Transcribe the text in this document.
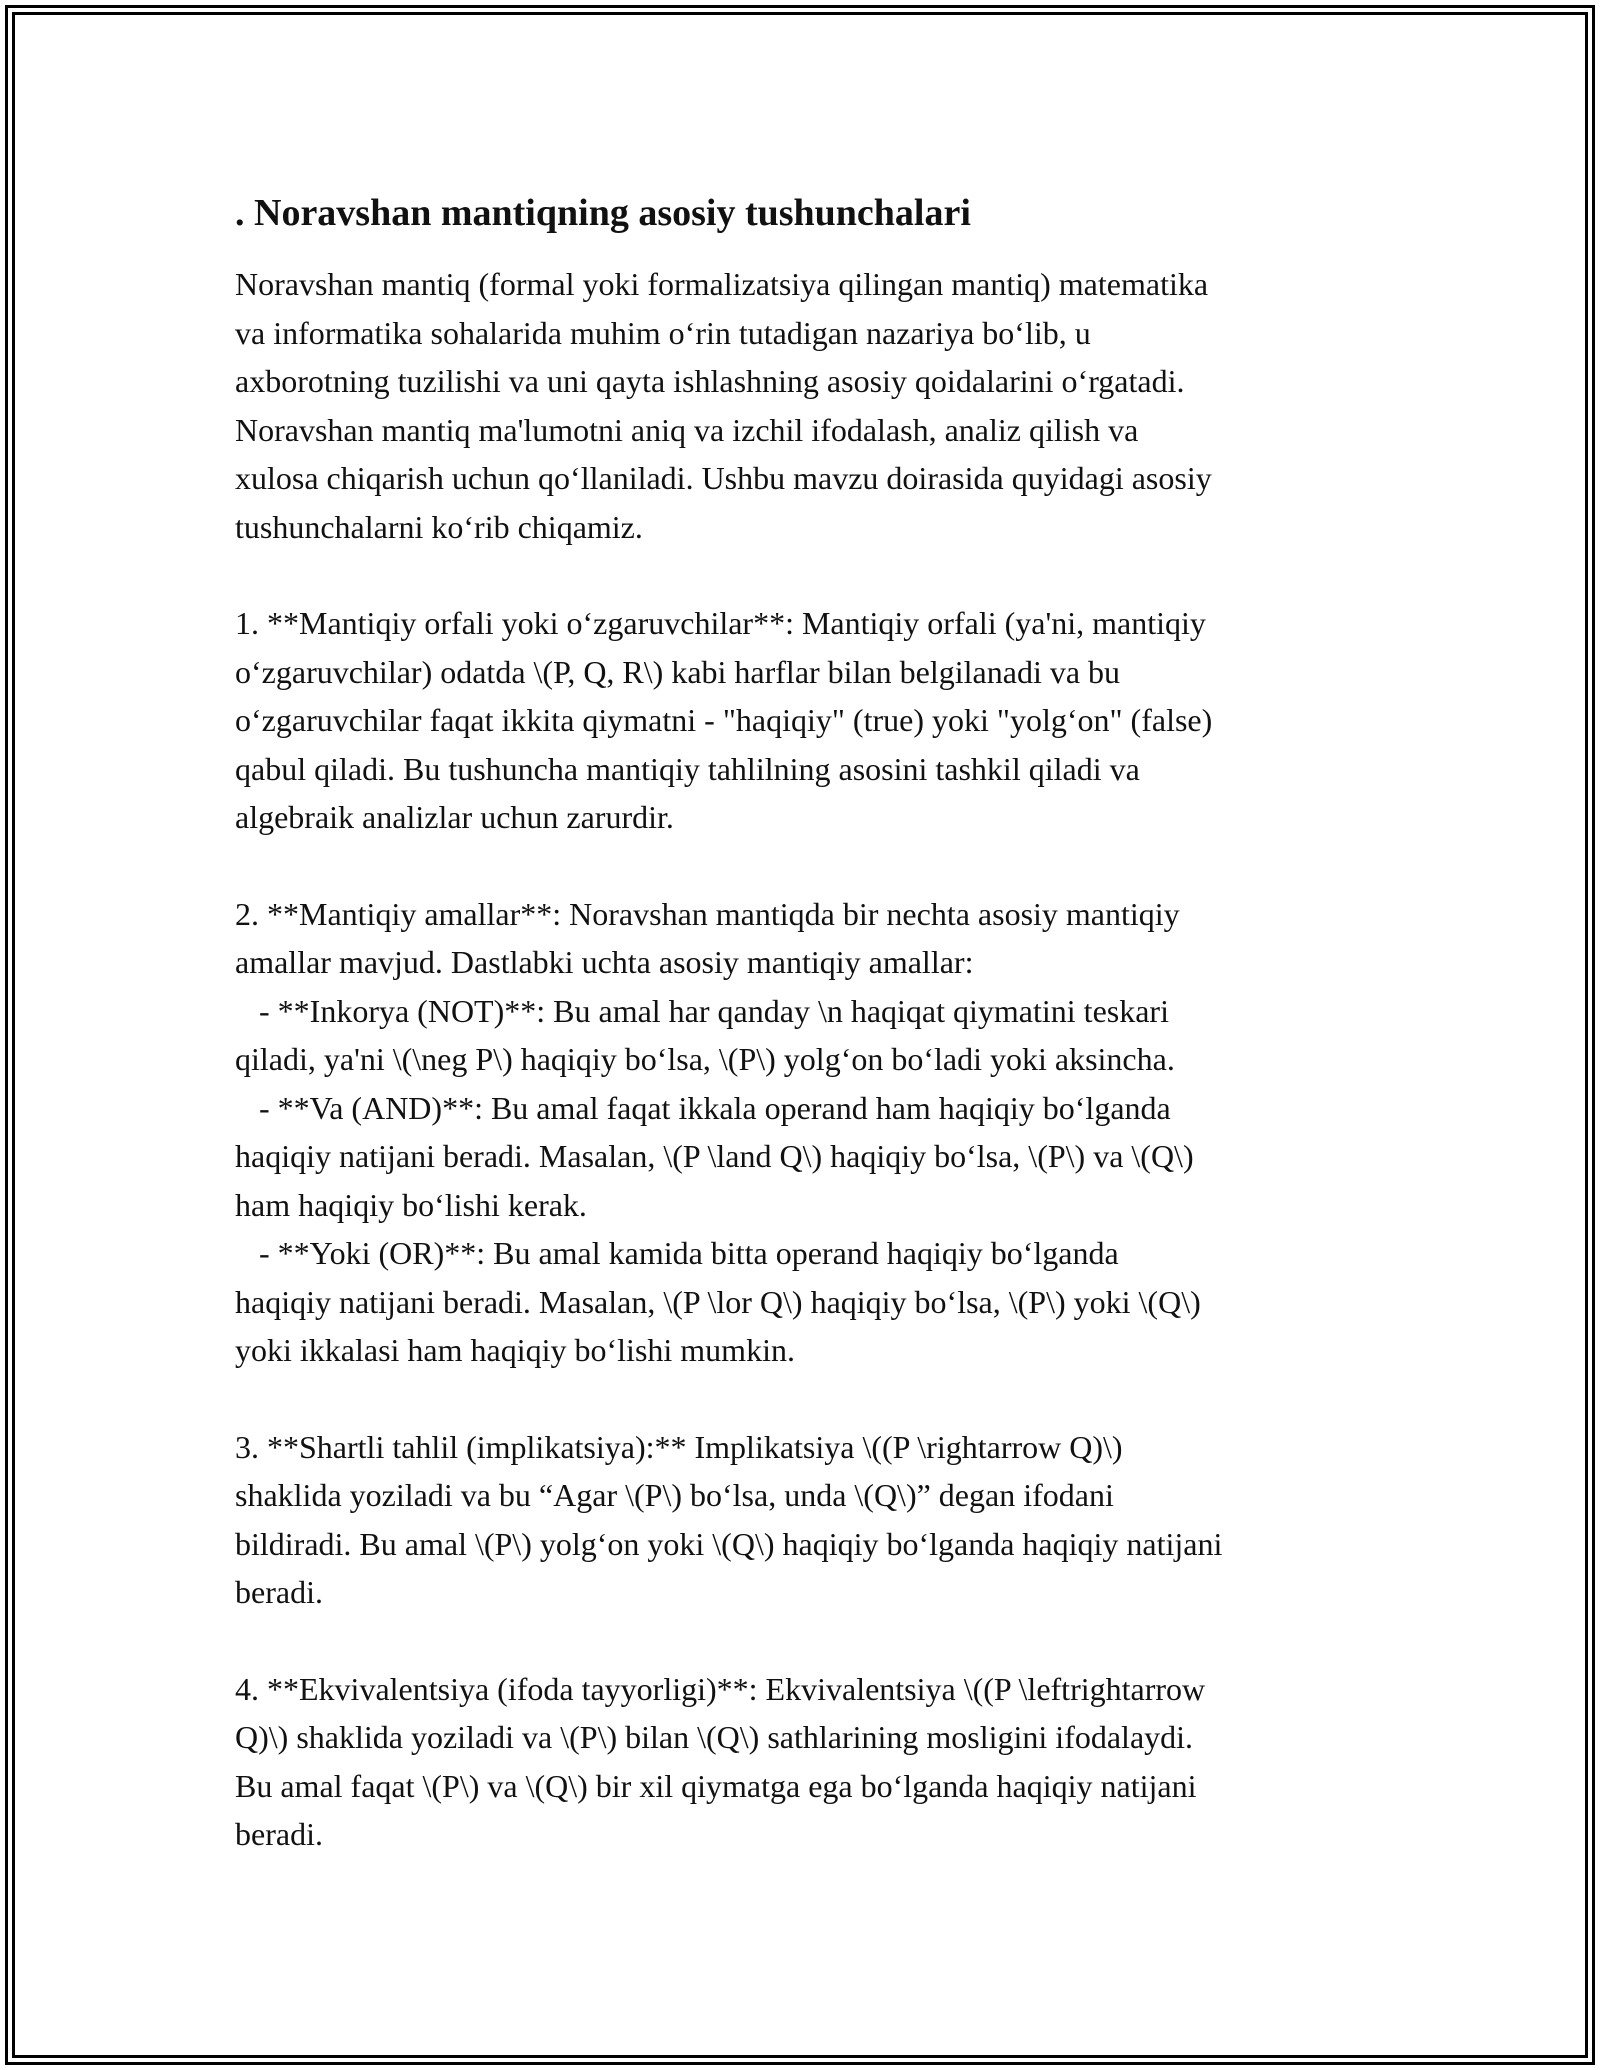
. Noravshan mantiqning asosiy tushunchalari
Noravshan mantiq (formal yoki formalizatsiya qilingan mantiq) matematika
va informatika sohalarida muhim o‘rin tutadigan nazariya bo‘lib, u
axborotning tuzilishi va uni qayta ishlashning asosiy qoidalarini o‘rgatadi.
Noravshan mantiq ma'lumotni aniq va izchil ifodalash, analiz qilish va
xulosa chiqarish uchun qo‘llaniladi. Ushbu mavzu doirasida quyidagi asosiy
tushunchalarni ko‘rib chiqamiz.
1. **Mantiqiy orfali yoki o‘zgaruvchilar**: Mantiqiy orfali (ya'ni, mantiqiy
o‘zgaruvchilar) odatda \(P, Q, R\) kabi harflar bilan belgilanadi va bu
o‘zgaruvchilar faqat ikkita qiymatni - "haqiqiy" (true) yoki "yolg‘on" (false)
qabul qiladi. Bu tushuncha mantiqiy tahlilning asosini tashkil qiladi va
algebraik analizlar uchun zarurdir.
2. **Mantiqiy amallar**: Noravshan mantiqda bir nechta asosiy mantiqiy
amallar mavjud. Dastlabki uchta asosiy mantiqiy amallar:
- **Inkorya (NOT)**: Bu amal har qanday \n haqiqat qiymatini teskari
qiladi, ya'ni \(\neg P\) haqiqiy bo‘lsa, \(P\) yolg‘on bo‘ladi yoki aksincha.
- **Va (AND)**: Bu amal faqat ikkala operand ham haqiqiy bo‘lganda
haqiqiy natijani beradi. Masalan, \(P \land Q\) haqiqiy bo‘lsa, \(P\) va \(Q\)
ham haqiqiy bo‘lishi kerak.
- **Yoki (OR)**: Bu amal kamida bitta operand haqiqiy bo‘lganda
haqiqiy natijani beradi. Masalan, \(P \lor Q\) haqiqiy bo‘lsa, \(P\) yoki \(Q\)
yoki ikkalasi ham haqiqiy bo‘lishi mumkin.
3. **Shartli tahlil (implikatsiya):** Implikatsiya \((P \rightarrow Q)\)
shaklida yoziladi va bu “Agar \(P\) bo‘lsa, unda \(Q\)” degan ifodani
bildiradi. Bu amal \(P\) yolg‘on yoki \(Q\) haqiqiy bo‘lganda haqiqiy natijani
beradi.
4. **Ekvivalentsiya (ifoda tayyorligi)**: Ekvivalentsiya \((P \leftrightarrow
Q)\) shaklida yoziladi va \(P\) bilan \(Q\) sathlarining mosligini ifodalaydi.
Bu amal faqat \(P\) va \(Q\) bir xil qiymatga ega bo‘lganda haqiqiy natijani
beradi.
